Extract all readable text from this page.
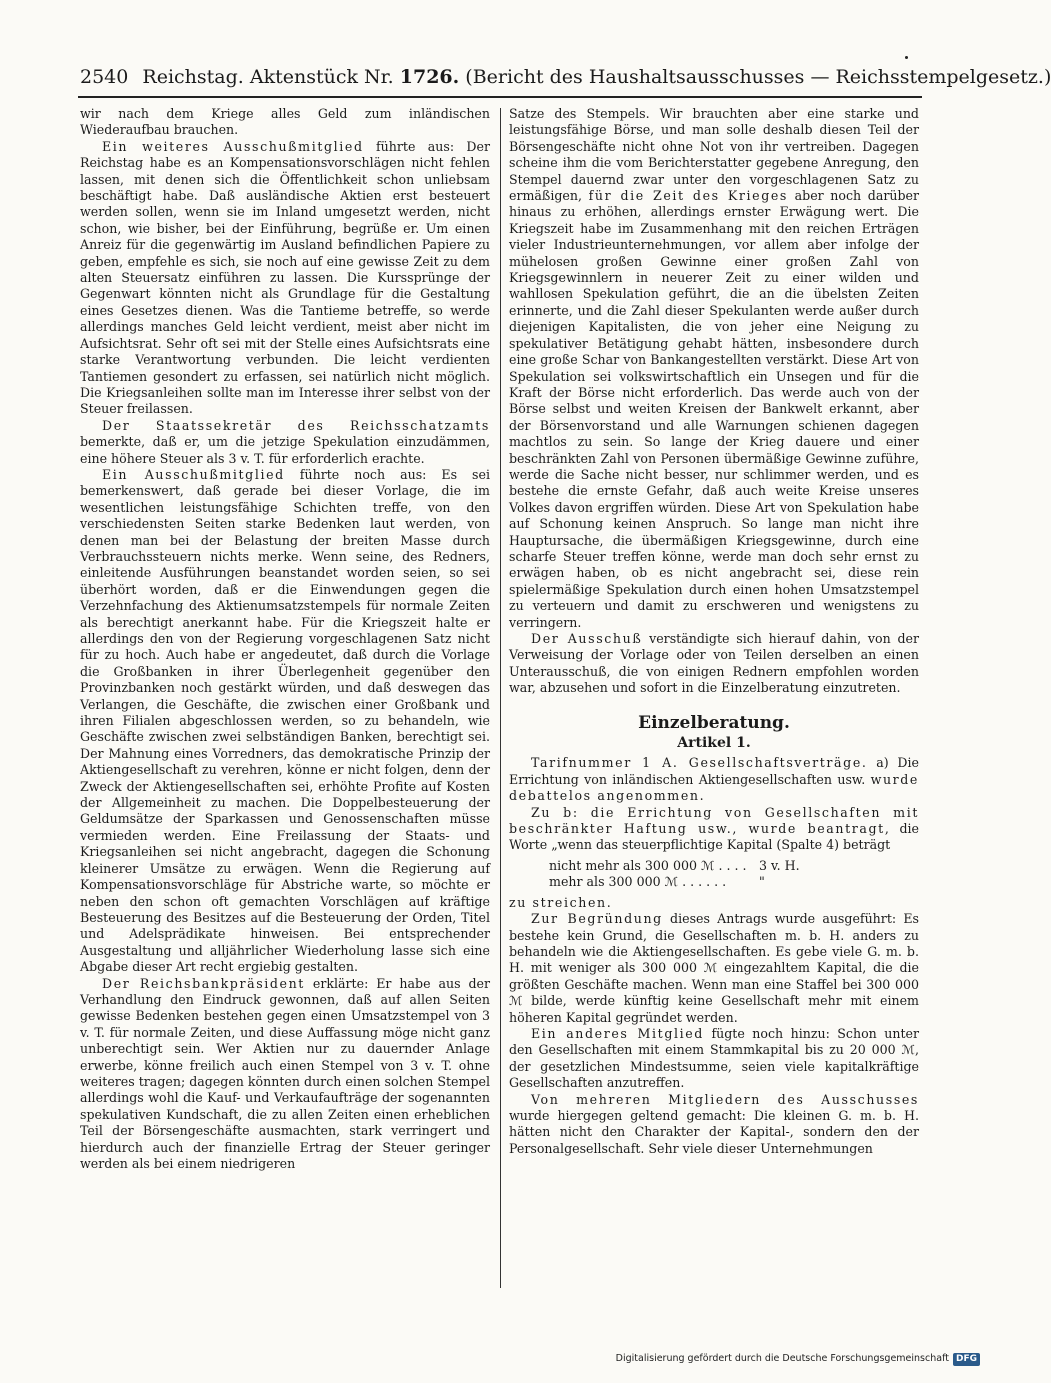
2540 Reichstag. Aktenstück Nr. 1726. (Bericht des Haushaltsausschusses — Reichsstempelgesetz.)

wir nach dem Kriege alles Geld zum inländischen Wiederaufbau brauchen.

Ein weiteres Ausschußmitglied führte aus: Der Reichstag habe es an Kompensationsvorschlägen nicht fehlen lassen, mit denen sich die Öffentlichkeit schon unliebsam beschäftigt habe. Daß ausländische Aktien erst besteuert werden sollen, wenn sie im Inland umgesetzt werden, nicht schon, wie bisher, bei der Einführung, begrüße er. Um einen Anreiz für die gegenwärtig im Ausland befindlichen Papiere zu geben, empfehle es sich, sie noch auf eine gewisse Zeit zu dem alten Steuersatz einführen zu lassen. Die Kurssprünge der Gegenwart könnten nicht als Grundlage für die Gestaltung eines Gesetzes dienen. Was die Tantieme betreffe, so werde allerdings manches Geld leicht verdient, meist aber nicht im Aufsichtsrat. Sehr oft sei mit der Stelle eines Aufsichtsrats eine starke Verantwortung verbunden. Die leicht verdienten Tantiemen gesondert zu erfassen, sei natürlich nicht möglich. Die Kriegsanleihen sollte man im Interesse ihrer selbst von der Steuer freilassen.

Der Staatssekretär des Reichsschatzamts bemerkte, daß er, um die jetzige Spekulation einzudämmen, eine höhere Steuer als 3 v. T. für erforderlich erachte.

Ein Ausschußmitglied führte noch aus: Es sei bemerkenswert, daß gerade bei dieser Vorlage, die im wesentlichen leistungsfähige Schichten treffe, von den verschiedensten Seiten starke Bedenken laut werden, von denen man bei der Belastung der breiten Masse durch Verbrauchssteuern nichts merke. Wenn seine, des Redners, einleitende Ausführungen beanstandet worden seien, so sei überhört worden, daß er die Einwendungen gegen die Verzehnfachung des Aktienumsatzstempels für normale Zeiten als berechtigt anerkannt habe. Für die Kriegszeit halte er allerdings den von der Regierung vorgeschlagenen Satz nicht für zu hoch. Auch habe er angedeutet, daß durch die Vorlage die Großbanken in ihrer Überlegenheit gegenüber den Provinzbanken noch gestärkt würden, und daß deswegen das Verlangen, die Geschäfte, die zwischen einer Großbank und ihren Filialen abgeschlossen werden, so zu behandeln, wie Geschäfte zwischen zwei selbständigen Banken, berechtigt sei. Der Mahnung eines Vorredners, das demokratische Prinzip der Aktiengesellschaft zu verehren, könne er nicht folgen, denn der Zweck der Aktiengesellschaften sei, erhöhte Profite auf Kosten der Allgemeinheit zu machen. Die Doppelbesteuerung der Geldumsätze der Sparkassen und Genossenschaften müsse vermieden werden. Eine Freilassung der Staats- und Kriegsanleihen sei nicht angebracht, dagegen die Schonung kleinerer Umsätze zu erwägen. Wenn die Regierung auf Kompensationsvorschläge für Abstriche warte, so möchte er neben den schon oft gemachten Vorschlägen auf kräftige Besteuerung des Besitzes auf die Besteuerung der Orden, Titel und Adelsprädikate hinweisen. Bei entsprechender Ausgestaltung und alljährlicher Wiederholung lasse sich eine Abgabe dieser Art recht ergiebig gestalten.

Der Reichsbankpräsident erklärte: Er habe aus der Verhandlung den Eindruck gewonnen, daß auf allen Seiten gewisse Bedenken bestehen gegen einen Umsatzstempel von 3 v. T. für normale Zeiten, und diese Auffassung möge nicht ganz unberechtigt sein. Wer Aktien nur zu dauernder Anlage erwerbe, könne freilich auch einen Stempel von 3 v. T. ohne weiteres tragen; dagegen könnten durch einen solchen Stempel allerdings wohl die Kauf- und Verkaufaufträge der sogenannten spekulativen Kundschaft, die zu allen Zeiten einen erheblichen Teil der Börsengeschäfte ausmachten, stark verringert und hierdurch auch der finanzielle Ertrag der Steuer geringer werden als bei einem niedrigeren

Satze des Stempels. Wir brauchten aber eine starke und leistungsfähige Börse, und man solle deshalb diesen Teil der Börsengeschäfte nicht ohne Not von ihr vertreiben. Dagegen scheine ihm die vom Berichterstatter gegebene Anregung, den Stempel dauernd zwar unter den vorgeschlagenen Satz zu ermäßigen, für die Zeit des Krieges aber noch darüber hinaus zu erhöhen, allerdings ernster Erwägung wert. Die Kriegszeit habe im Zusammenhang mit den reichen Erträgen vieler Industrieunternehmungen, vor allem aber infolge der mühelosen großen Gewinne einer großen Zahl von Kriegsgewinnlern in neuerer Zeit zu einer wilden und wahllosen Spekulation geführt, die an die übelsten Zeiten erinnerte, und die Zahl dieser Spekulanten werde außer durch diejenigen Kapitalisten, die von jeher eine Neigung zu spekulativer Betätigung gehabt hätten, insbesondere durch eine große Schar von Bankangestellten verstärkt. Diese Art von Spekulation sei volkswirtschaftlich ein Unsegen und für die Kraft der Börse nicht erforderlich. Das werde auch von der Börse selbst und weiten Kreisen der Bankwelt erkannt, aber der Börsenvorstand und alle Warnungen schienen dagegen machtlos zu sein. So lange der Krieg dauere und einer beschränkten Zahl von Personen übermäßige Gewinne zuführe, werde die Sache nicht besser, nur schlimmer werden, und es bestehe die ernste Gefahr, daß auch weite Kreise unseres Volkes davon ergriffen würden. Diese Art von Spekulation habe auf Schonung keinen Anspruch. So lange man nicht ihre Hauptursache, die übermäßigen Kriegsgewinne, durch eine scharfe Steuer treffen könne, werde man doch sehr ernst zu erwägen haben, ob es nicht angebracht sei, diese rein spielermäßige Spekulation durch einen hohen Umsatzstempel zu verteuern und damit zu erschweren und wenigstens zu verringern.

Der Ausschuß verständigte sich hierauf dahin, von der Verweisung der Vorlage oder von Teilen derselben an einen Unterausschuß, die von einigen Rednern empfohlen worden war, abzusehen und sofort in die Einzelberatung einzutreten.

Einzelberatung.
Artikel 1.

Tarifnummer 1 A. Gesellschaftsverträge. a) Die Errichtung von inländischen Aktiengesellschaften usw. wurde debattelos angenommen.

Zu b: die Errichtung von Gesellschaften mit beschränkter Haftung usw., wurde beantragt, die Worte „wenn das steuerpflichtige Kapital (Spalte 4) beträgt

nicht mehr als 300 000 ℳ . . . . 3 v. H.
mehr als 300 000 ℳ . . . . . .	"

zu streichen.

Zur Begründung dieses Antrags wurde ausgeführt: Es bestehe kein Grund, die Gesellschaften m. b. H. anders zu behandeln wie die Aktiengesellschaften. Es gebe viele G. m. b. H. mit weniger als 300 000 ℳ eingezahltem Kapital, die die größten Geschäfte machen. Wenn man eine Staffel bei 300 000 ℳ bilde, werde künftig keine Gesellschaft mehr mit einem höheren Kapital gegründet werden.

Ein anderes Mitglied fügte noch hinzu: Schon unter den Gesellschaften mit einem Stammkapital bis zu 20 000 ℳ, der gesetzlichen Mindestsumme, seien viele kapitalkräftige Gesellschaften anzutreffen.

Von mehreren Mitgliedern des Ausschusses wurde hiergegen geltend gemacht: Die kleinen G. m. b. H. hätten nicht den Charakter der Kapital-, sondern den der Personalgesellschaft. Sehr viele dieser Unternehmungen

Digitalisierung gefördert durch die Deutsche Forschungsgemeinschaft DFG
